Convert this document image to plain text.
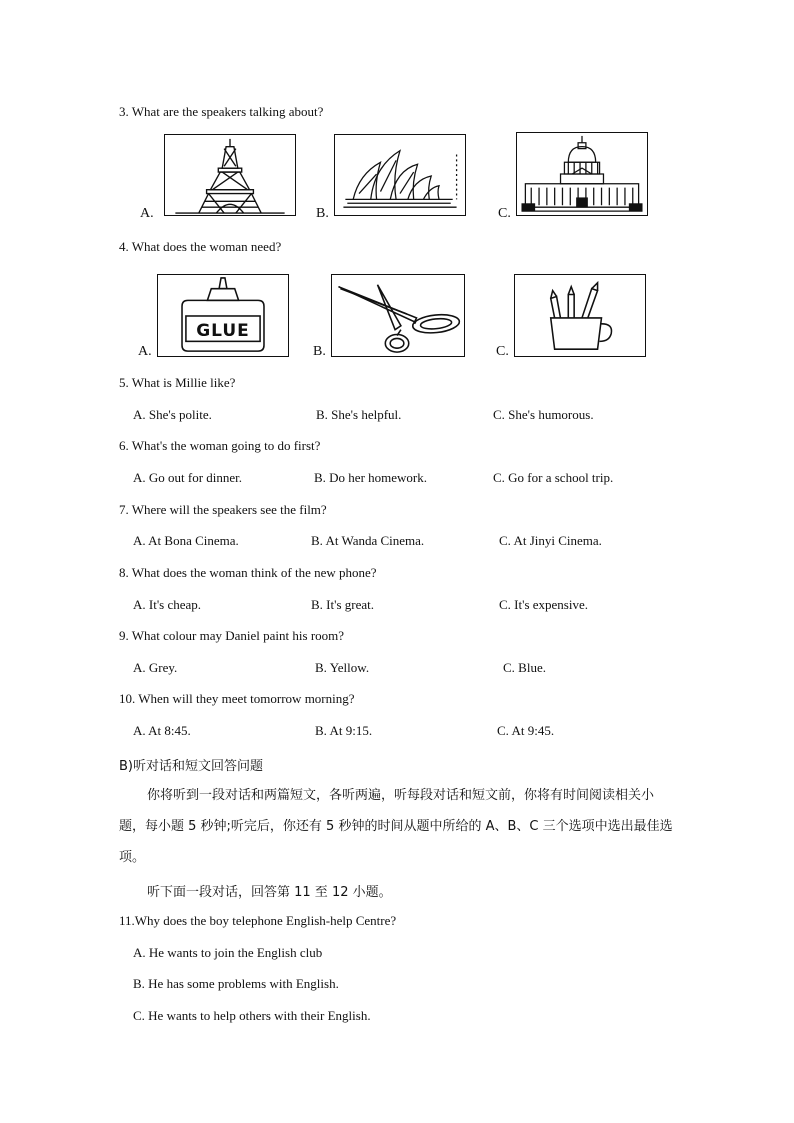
3. What are the speakers talking about?
A.	B.	C.
4. What does the woman need?
A.
GLUE
B.	C.
5. What is Millie like?
A. She's polite.	B. She's helpful.	C. She's humorous.
6. What's the woman going to do first?
A. Go out for dinner.	B. Do her homework.	C. Go for a school trip.
7. Where will the speakers see the film?
A. At Bona Cinema.	B. At Wanda Cinema.	C. At Jinyi Cinema.
8. What does the woman think of the new phone?
A. It's cheap.	B. It's great.	C. It's expensive.
9. What colour may Daniel paint his room?
A. Grey.	B. Yellow.	C. Blue.
10. When will they meet tomorrow morning?
A. At 8:45.	B. At 9:15.	C. At 9:45.
B)听对话和短文回答问题
你将听到一段对话和两篇短文，各听两遍，听每段对话和短文前，你将有时间阅读相关小题，每小题 5 秒钟;听完后，你还有 5 秒钟的时间从题中所给的 A、B、C 三个选项中选出最佳选项。
听下面一段对话，回答第 11 至 12 小题。
11.Why does the boy telephone English-help Centre?
A. He wants to join the English club
B. He has some problems with English.
C. He wants to help others with their English.
